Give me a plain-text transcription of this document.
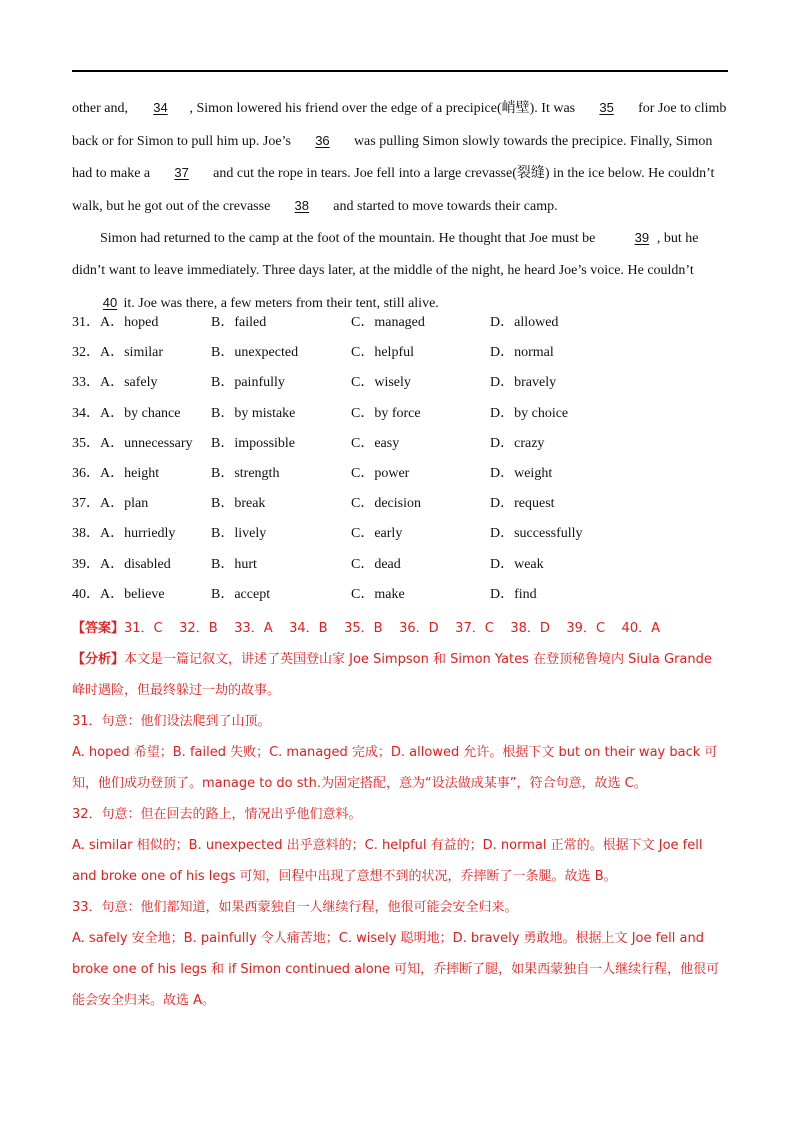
other and, 34 , Simon lowered his friend over the edge of a precipice(峭壁). It was 35 for Joe to climb back or for Simon to pull him up. Joe’s 36 was pulling Simon slowly towards the precipice. Finally, Simon had to make a 37 and cut the rope in tears. Joe fell into a large crevasse(裂缝) in the ice below. He couldn’t walk, but he got out of the crevasse 38 and started to move towards their camp.

Simon had returned to the camp at the foot of the mountain. He thought that Joe must be	39 , but he didn’t want to leave immediately. Three days later, at the middle of the night, he heard Joe’s voice. He couldn’t 40 it. Joe was there, a few meters from their tent, still alive.

31． A．hoped	B．failed	C．managed	D．allowed
32． A．similar	B．unexpected	C．helpful	D．normal
33． A．safely	B．painfully	C．wisely	D．bravely
34． A．by chance B．by mistake	C．by force	D．by choice
35． A．unnecessary B．impossible	C．easy	D．crazy
36． A．height	B．strength	C．power	D．weight
37． A．plan	B．break	C．decision	D．request
38． A．hurriedly	B．lively	C．early	D．successfully
39． A．disabled	B．hurt	C．dead	D．weak
40． A．believe	B．accept	C．make	D．find

【答案】31．C    32．B    33．A    34．B    35．B    36．D    37．C    38．D    39．C    40．A

【分析】本文是一篇记叙文，讲述了英国登山家 Joe Simpson 和 Simon Yates 在登顶秘鲁境内 Siula Grande 峰时遇险，但最终躲过一劫的故事。

31．句意：他们设法爬到了山顶。

A. hoped 希望；B. failed 失败；C. managed 完成；D. allowed 允许。根据下文 but on their way back 可知，他们成功登顶了。manage to do sth.为固定搭配，意为“设法做成某事”，符合句意，故选 C。

32．句意：但在回去的路上，情况出乎他们意料。

A. similar 相似的；B. unexpected 出乎意料的；C. helpful 有益的；D. normal 正常的。根据下文 Joe fell and broke one of his legs 可知，回程中出现了意想不到的状况，乔摔断了一条腿。故选 B。

33．句意：他们都知道，如果西蒙独自一人继续行程，他很可能会安全归来。

A. safely 安全地；B. painfully 令人痛苦地；C. wisely 聪明地；D. bravely 勇敢地。根据上文 Joe fell and broke one of his legs 和 if Simon continued alone 可知，乔摔断了腿，如果西蒙独自一人继续行程，他很可能会安全归来。故选 A。
